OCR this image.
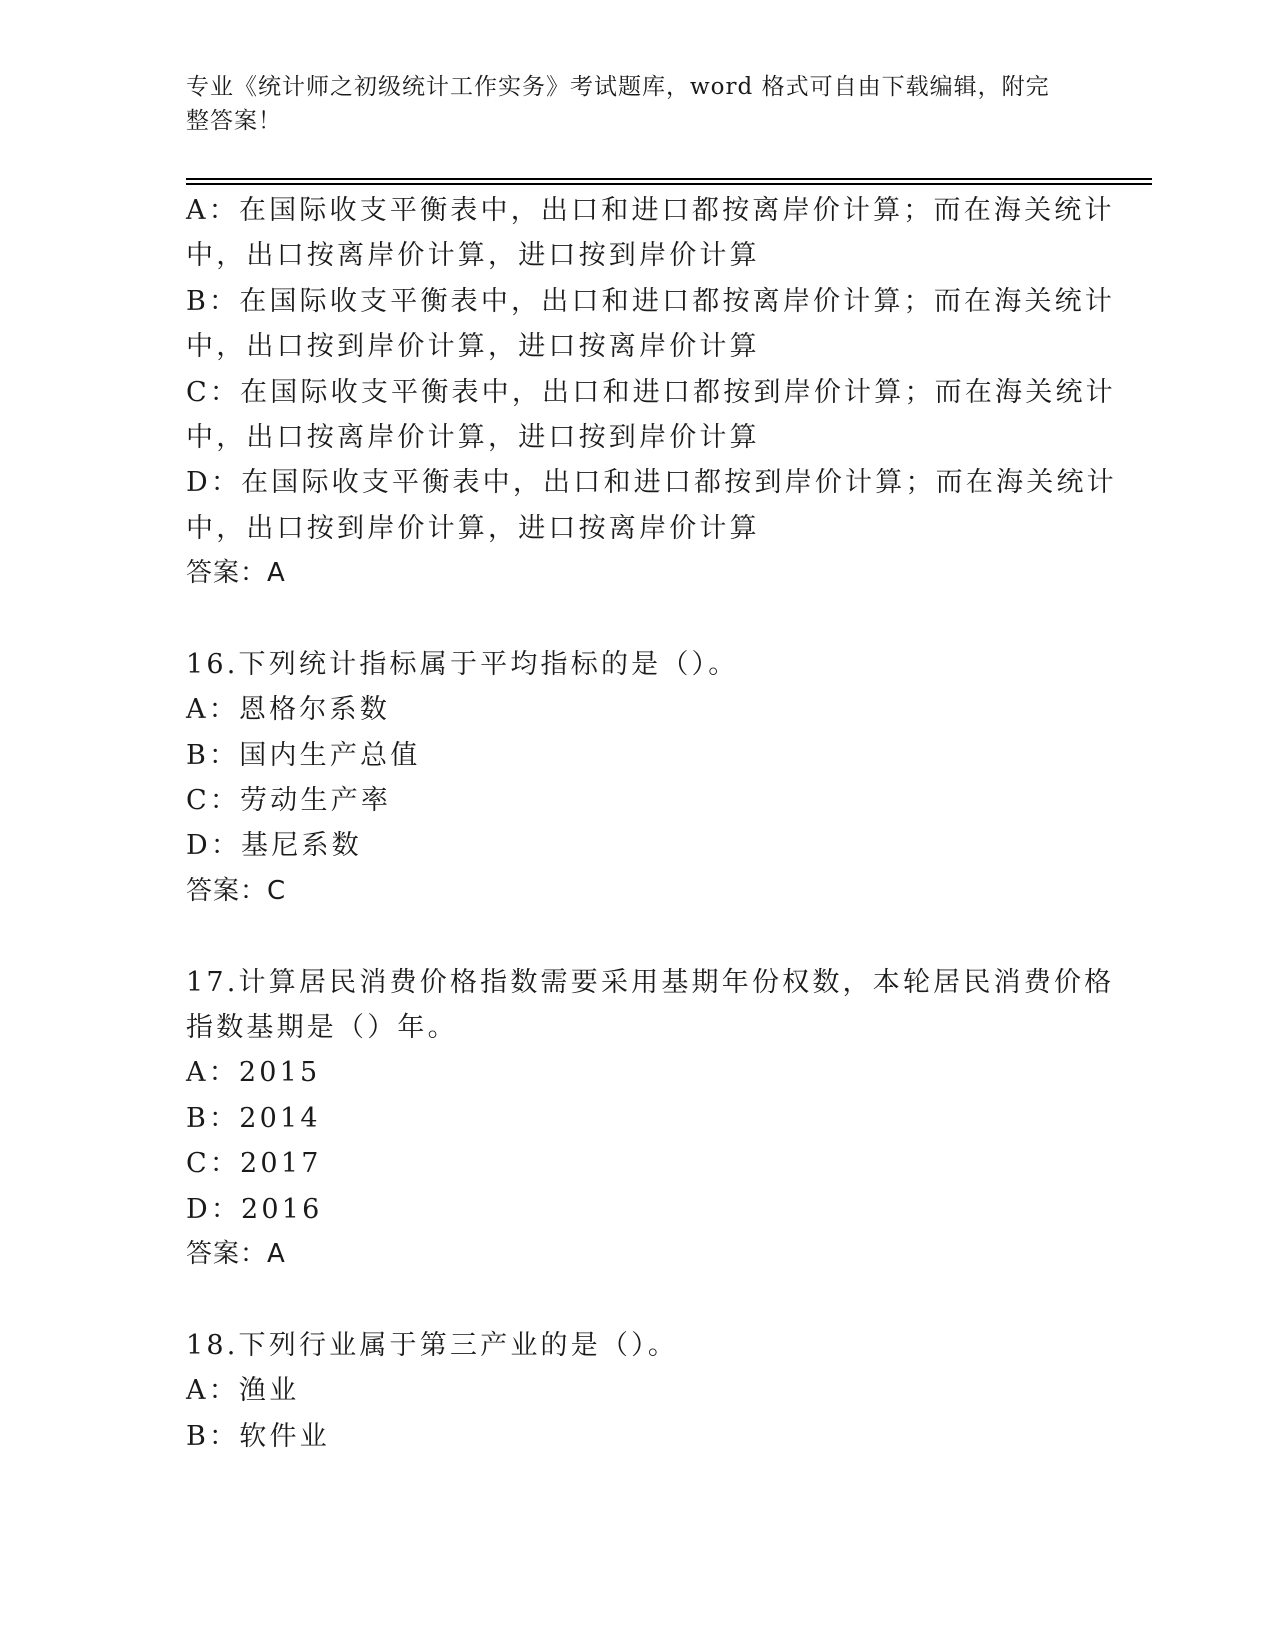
专业《统计师之初级统计工作实务》考试题库，word 格式可自由下载编辑，附完
整答案！
A：在国际收支平衡表中，出口和进口都按离岸价计算；而在海关统计
中，出口按离岸价计算，进口按到岸价计算
B：在国际收支平衡表中，出口和进口都按离岸价计算；而在海关统计
中，出口按到岸价计算，进口按离岸价计算
C：在国际收支平衡表中，出口和进口都按到岸价计算；而在海关统计
中，出口按离岸价计算，进口按到岸价计算
D：在国际收支平衡表中，出口和进口都按到岸价计算；而在海关统计
中，出口按到岸价计算，进口按离岸价计算
答案：A
16.下列统计指标属于平均指标的是（）。
A：恩格尔系数
B：国内生产总值
C：劳动生产率
D：基尼系数
答案：C
17.计算居民消费价格指数需要采用基期年份权数，本轮居民消费价格
指数基期是（）年。
A：2015
B：2014
C：2017
D：2016
答案：A
18.下列行业属于第三产业的是（）。
A：渔业
B：软件业
